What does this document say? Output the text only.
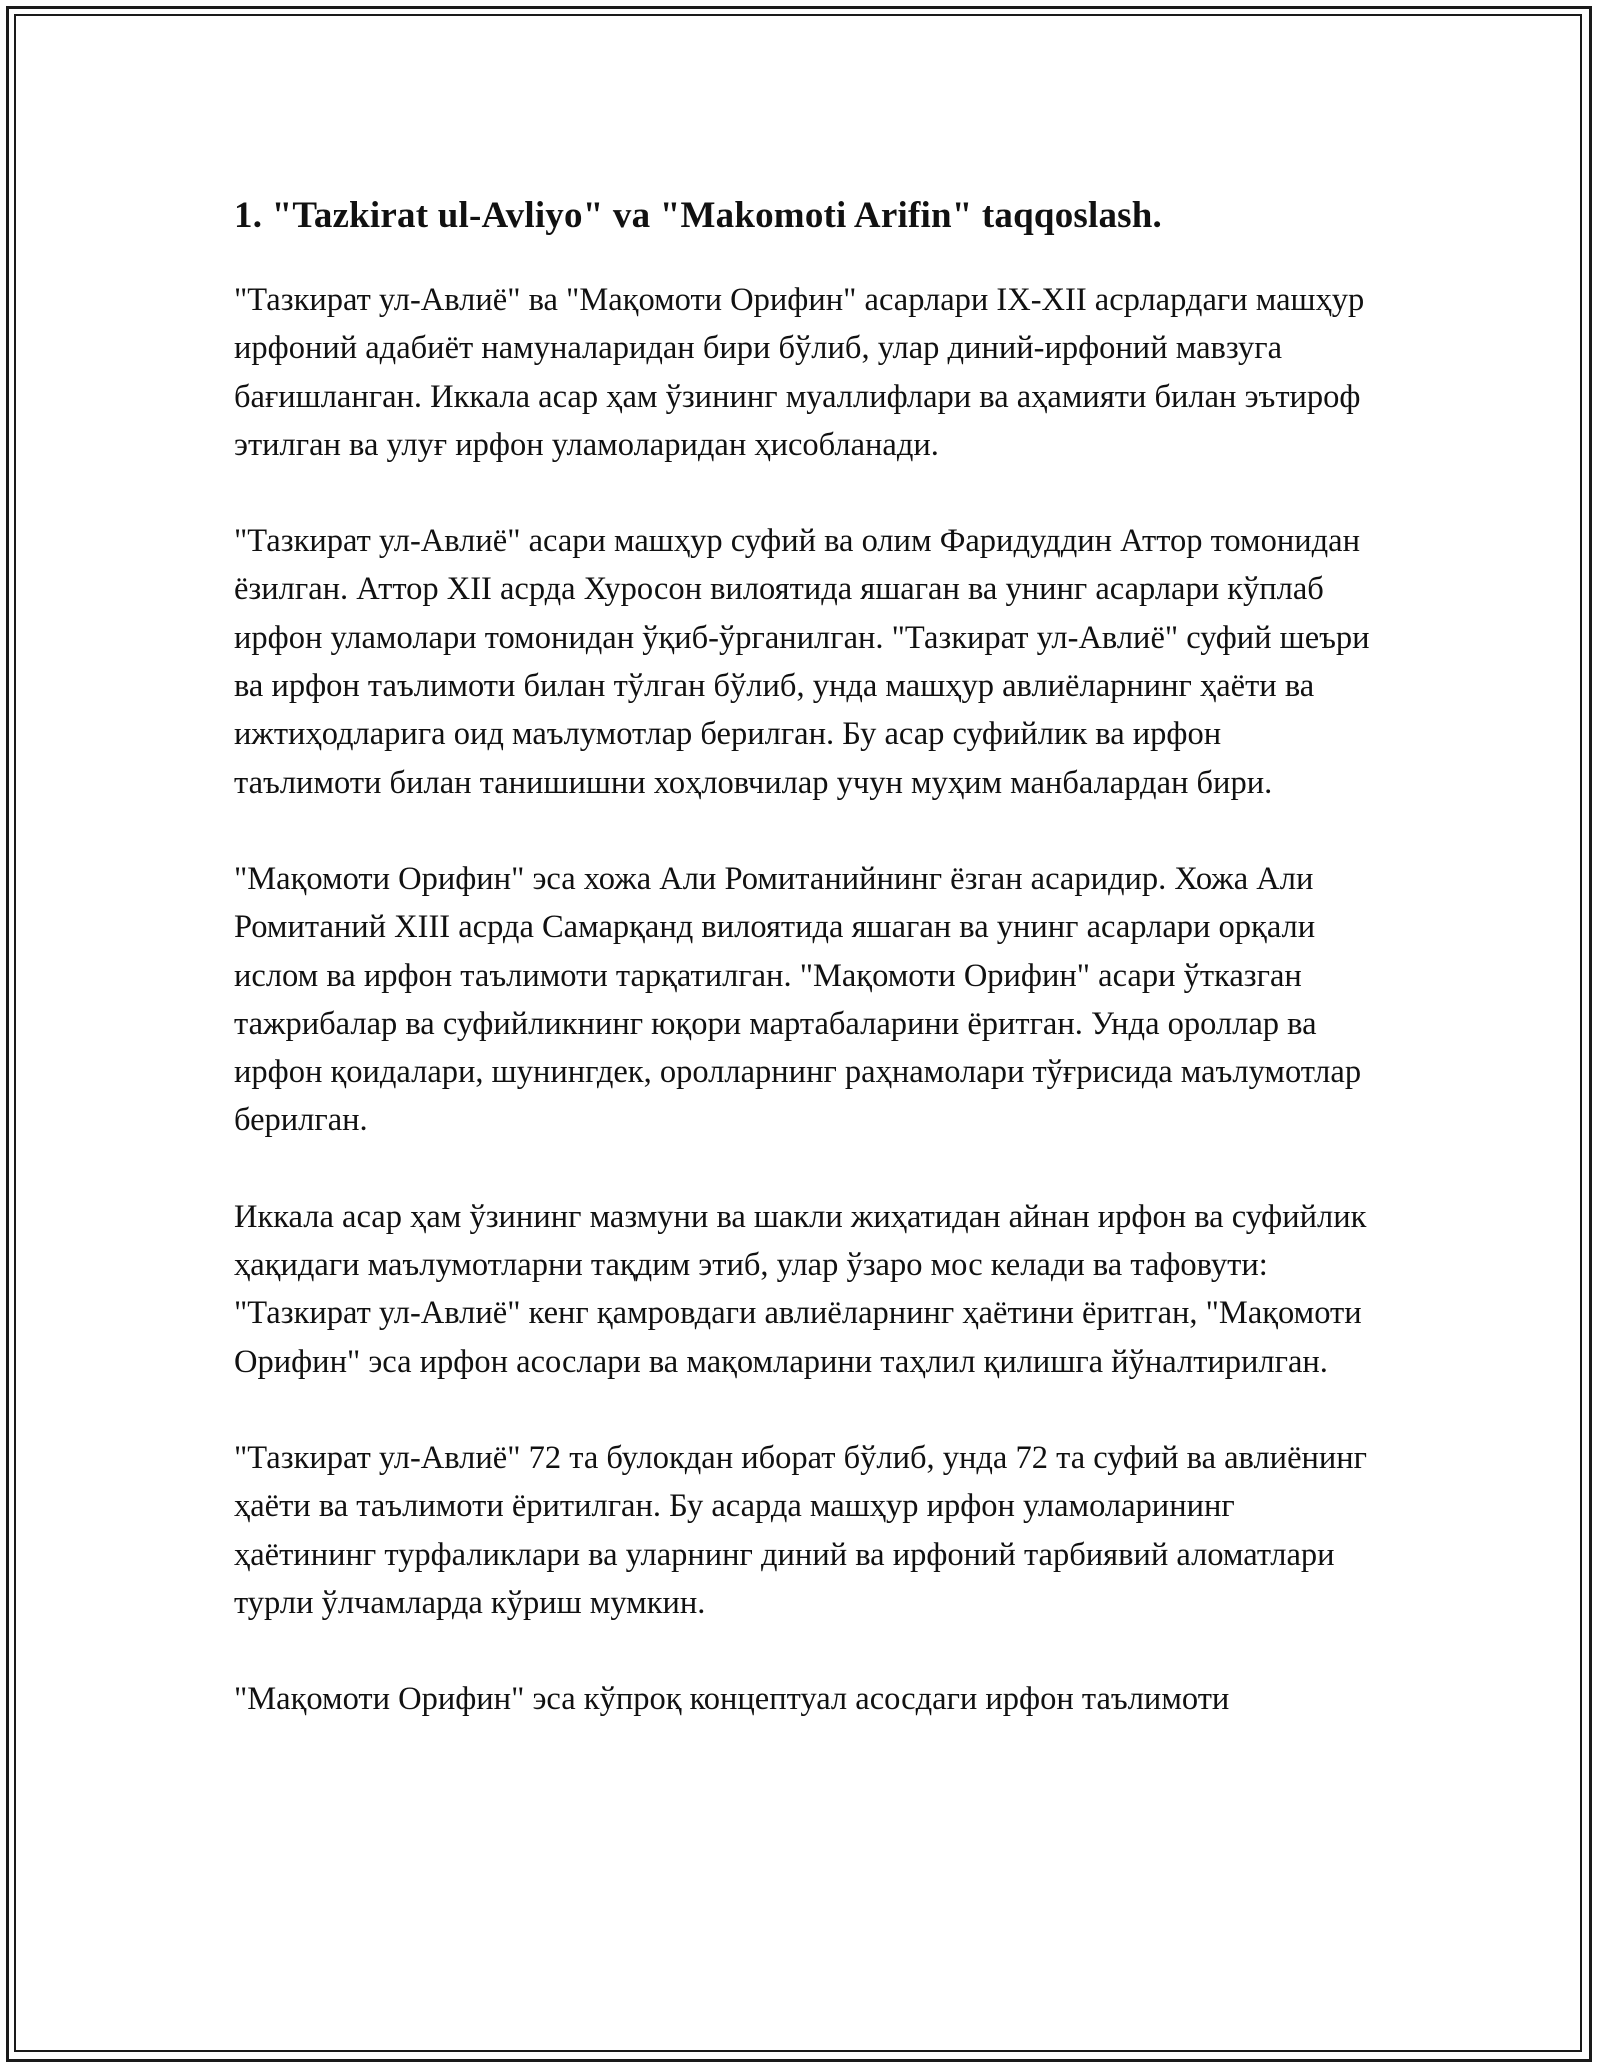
1. "Tazkirat ul-Avliyo" va "Makomoti Arifin" taqqoslash.

"Тазкират ул-Авлиё" ва "Мақомоти Орифин" асарлари IX-XII асрлардаги машҳур ирфоний адабиёт намуналаридан бири бўлиб, улар диний-ирфоний мавзуга бағишланган. Иккала асар ҳам ўзининг муаллифлари ва аҳамияти билан эътироф этилган ва улуғ ирфон уламоларидан ҳисобланади.

"Тазкират ул-Авлиё" асари машҳур суфий ва олим Фаридуддин Аттор томонидан ёзилган. Аттор XII асрда Хуросон вилоятида яшаган ва унинг асарлари кўплаб ирфон уламолари томонидан ўқиб-ўрганилган. "Тазкират ул-Авлиё" суфий шеъри ва ирфон таълимоти билан тўлган бўлиб, унда машҳур авлиёларнинг ҳаёти ва ижтиҳодларига оид маълумотлар берилган. Бу асар суфийлик ва ирфон таълимоти билан танишишни хоҳловчилар учун муҳим манбалардан бири.

"Мақомоти Орифин" эса хожа Али Ромитанийнинг ёзган асаридир. Хожа Али Ромитаний XIII асрда Самарқанд вилоятида яшаган ва унинг асарлари орқали ислом ва ирфон таълимоти тарқатилган. "Мақомоти Орифин" асари ўтказган тажрибалар ва суфийликнинг юқори мартабаларини ёритган. Унда ороллар ва ирфон қоидалари, шунингдек, оролларнинг раҳнамолари тўғрисида маълумотлар берилган.

Иккала асар ҳам ўзининг мазмуни ва шакли жиҳатидан айнан ирфон ва суфийлик ҳақидаги маълумотларни тақдим этиб, улар ўзаро мос келади ва тафовути: "Тазкират ул-Авлиё" кенг қамровдаги авлиёларнинг ҳаётини ёритган, "Мақомоти Орифин" эса ирфон асослари ва мақомларини таҳлил қилишга йўналтирилган.

"Тазкират ул-Авлиё" 72 та булокдан иборат бўлиб, унда 72 та суфий ва авлиёнинг ҳаёти ва таълимоти ёритилган. Бу асарда машҳур ирфон уламоларининг ҳаётининг турфаликлари ва уларнинг диний ва ирфоний тарбиявий аломатлари турли ўлчамларда кўриш мумкин.

"Мақомоти Орифин" эса кўпроқ концептуал асосдаги ирфон таълимоти
